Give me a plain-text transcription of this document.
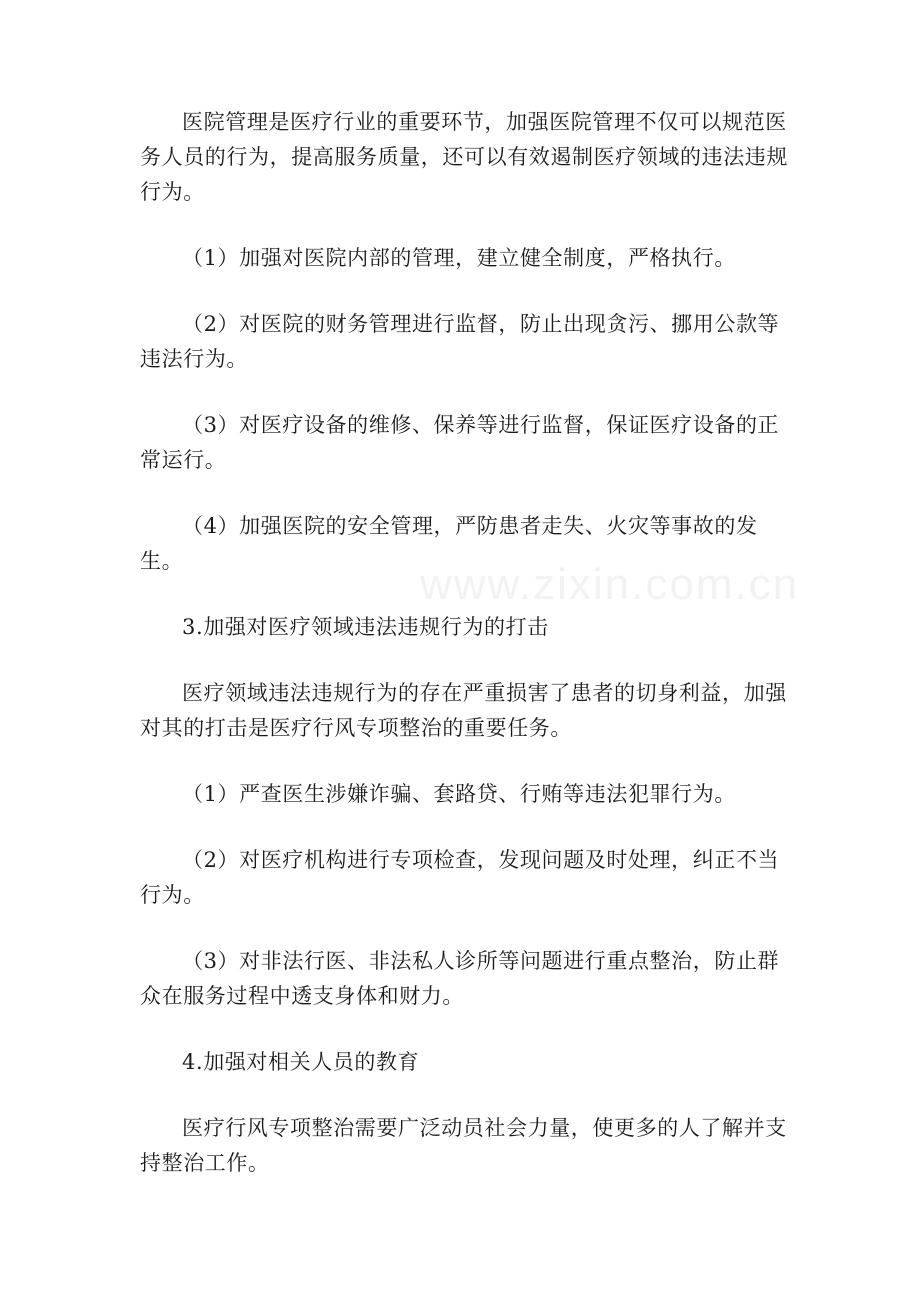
www.zixin.com.cn

医院管理是医疗行业的重要环节，加强医院管理不仅可以规范医务人员的行为，提高服务质量，还可以有效遏制医疗领域的违法违规行为。

（1）加强对医院内部的管理，建立健全制度，严格执行。

（2）对医院的财务管理进行监督，防止出现贪污、挪用公款等违法行为。

（3）对医疗设备的维修、保养等进行监督，保证医疗设备的正常运行。

（4）加强医院的安全管理，严防患者走失、火灾等事故的发生。

3.加强对医疗领域违法违规行为的打击

医疗领域违法违规行为的存在严重损害了患者的切身利益，加强对其的打击是医疗行风专项整治的重要任务。

（1）严查医生涉嫌诈骗、套路贷、行贿等违法犯罪行为。

（2）对医疗机构进行专项检查，发现问题及时处理，纠正不当行为。

（3）对非法行医、非法私人诊所等问题进行重点整治，防止群众在服务过程中透支身体和财力。

4.加强对相关人员的教育

医疗行风专项整治需要广泛动员社会力量，使更多的人了解并支持整治工作。
